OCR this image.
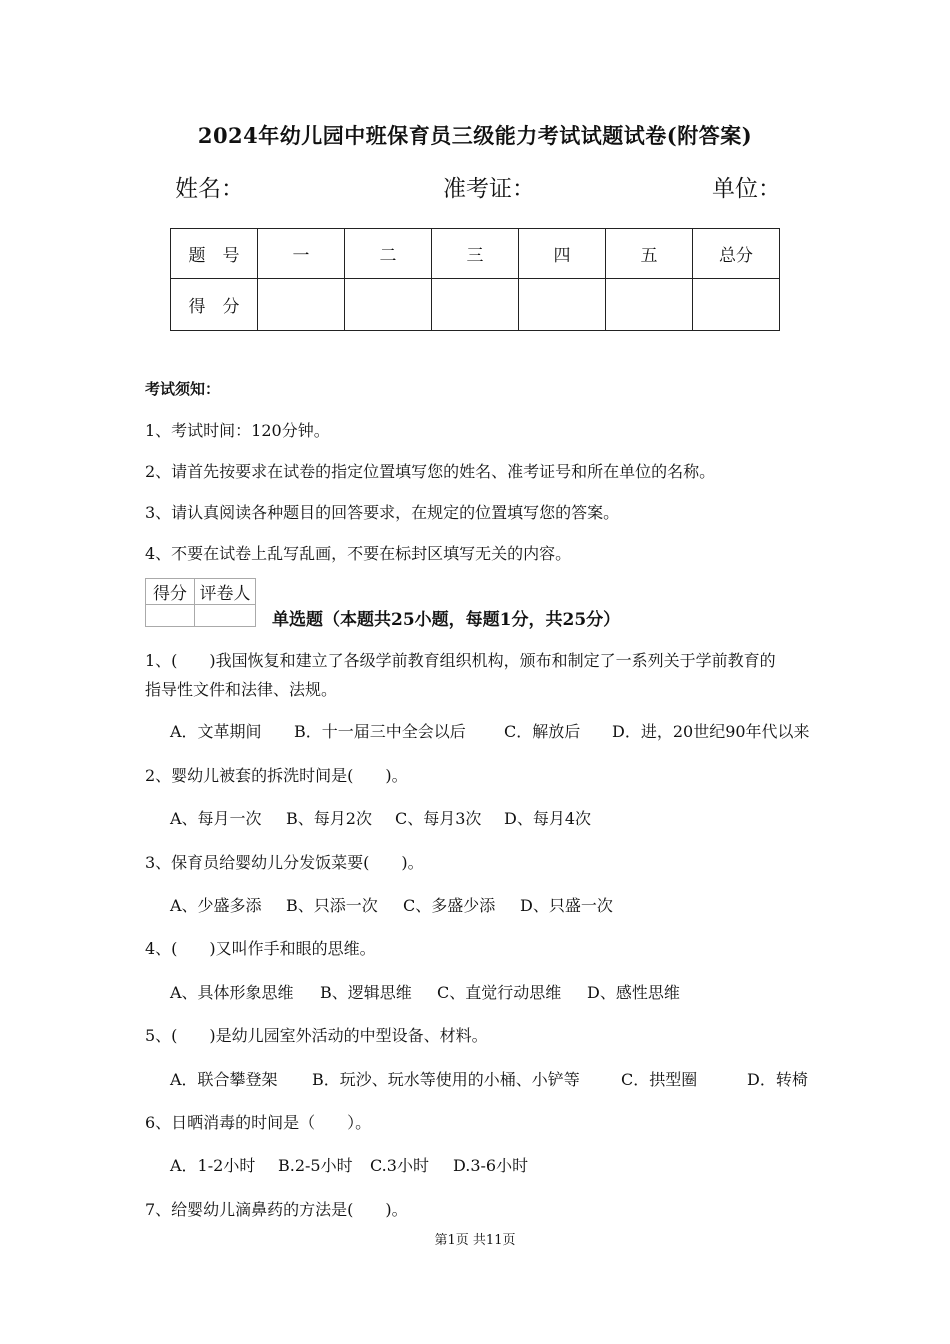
2024年幼儿园中班保育员三级能力考试试题试卷(附答案)
姓名：	准考证：	单位：
题　号	一	二	三	四	五	总分
得　分						
考试须知：
1、考试时间：120分钟。
2、请首先按要求在试卷的指定位置填写您的姓名、准考证号和所在单位的名称。
3、请认真阅读各种题目的回答要求，在规定的位置填写您的答案。
4、不要在试卷上乱写乱画，不要在标封区填写无关的内容。
得分	评卷人

单选题（本题共25小题，每题1分，共25分）
1、(　　)我国恢复和建立了各级学前教育组织机构，颁布和制定了一系列关于学前教育的
指导性文件和法律、法规。
A．文革期间 B．十一届三中全会以后 C．解放后 D．进，20世纪90年代以来
2、婴幼儿被套的拆洗时间是(　　)。
A、每月一次 B、每月2次 C、每月3次 D、每月4次
3、保育员给婴幼儿分发饭菜要(　　)。
A、少盛多添 B、只添一次 C、多盛少添 D、只盛一次
4、(　　)又叫作手和眼的思维。
A、具体形象思维 B、逻辑思维 C、直觉行动思维 D、感性思维
5、(　　)是幼儿园室外活动的中型设备、材料。
A．联合攀登架 B．玩沙、玩水等使用的小桶、小铲等	C．拱型圈	D．转椅
6、日晒消毒的时间是（　　）。
A．1-2小时 B.2-5小时 C.3小时 D.3-6小时
7、给婴幼儿滴鼻药的方法是(　　)。
第1页 共11页
